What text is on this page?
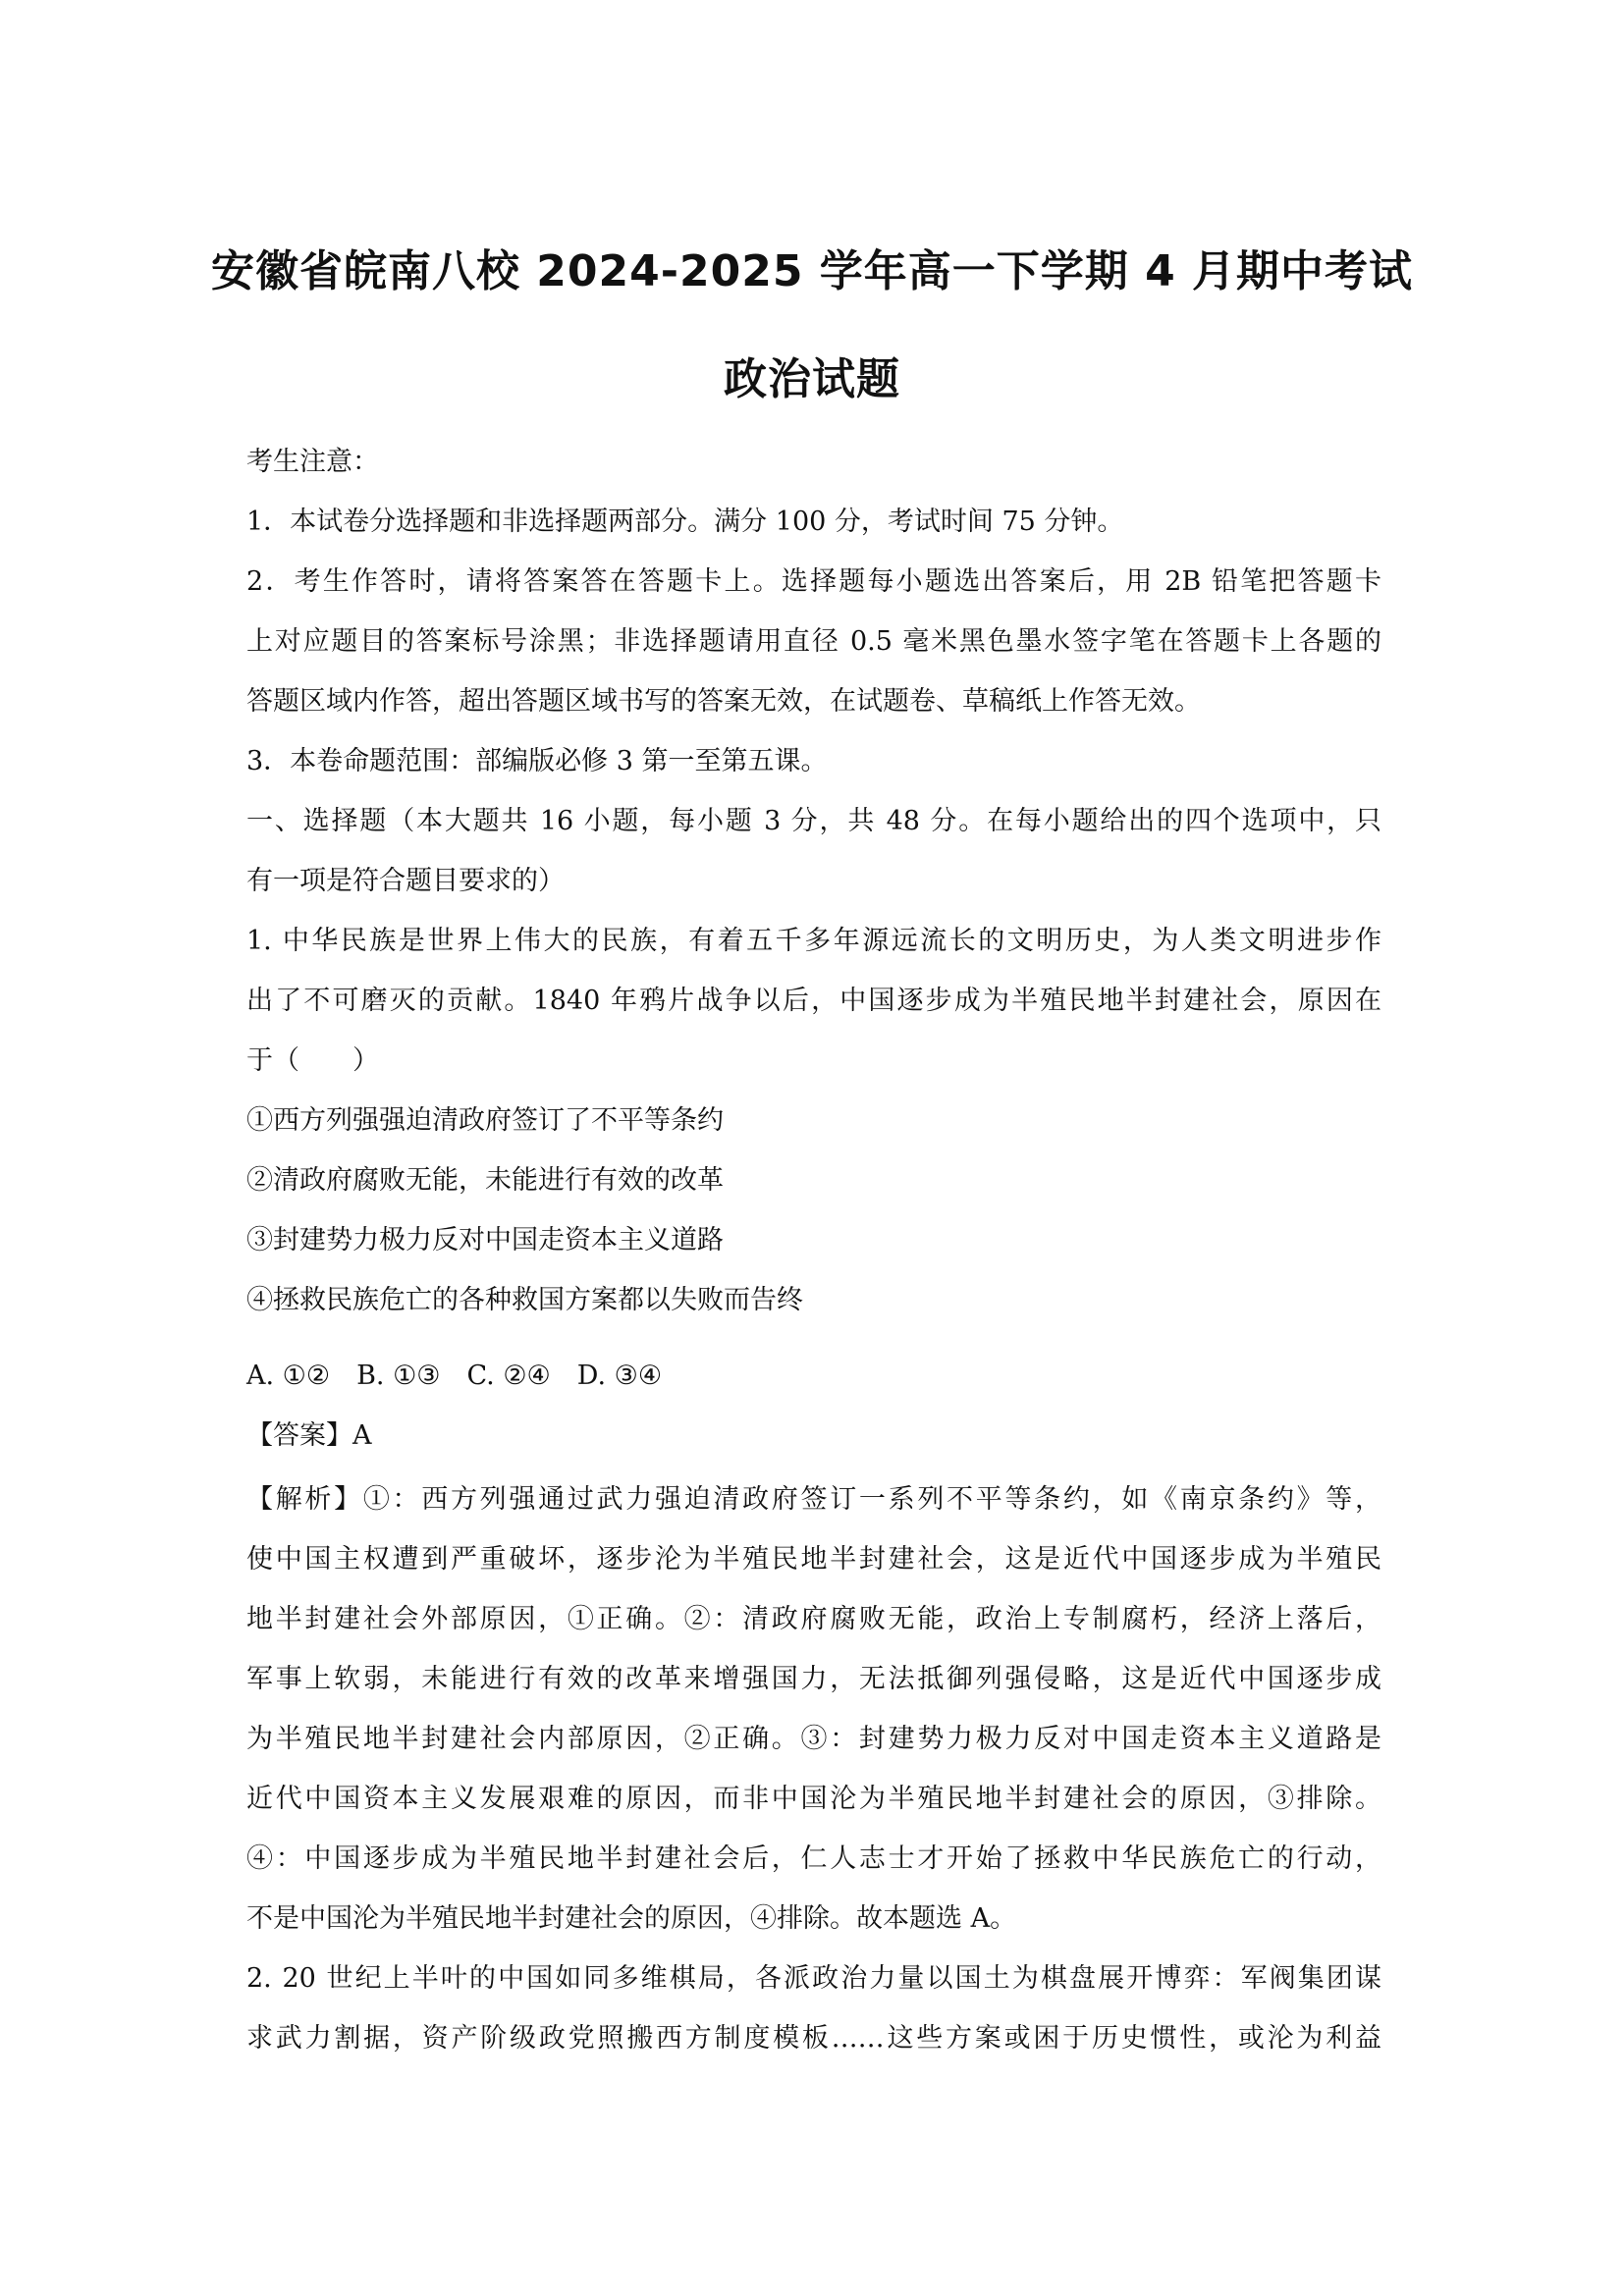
安徽省皖南八校 2024-2025 学年高一下学期 4 月期中考试
政治试题
考生注意：
1．本试卷分选择题和非选择题两部分。满分 100 分，考试时间 75 分钟。
2．考生作答时，请将答案答在答题卡上。选择题每小题选出答案后，用 2B 铅笔把答题卡
上对应题目的答案标号涂黑；非选择题请用直径 0.5 毫米黑色墨水签字笔在答题卡上各题的
答题区域内作答，超出答题区域书写的答案无效，在试题卷、草稿纸上作答无效。
3．本卷命题范围：部编版必修 3 第一至第五课。
一、选择题（本大题共 16 小题，每小题 3 分，共 48 分。在每小题给出的四个选项中，只
有一项是符合题目要求的）
1. 中华民族是世界上伟大的民族，有着五千多年源远流长的文明历史，为人类文明进步作
出了不可磨灭的贡献。1840 年鸦片战争以后，中国逐步成为半殖民地半封建社会，原因在
于（　　）
①西方列强强迫清政府签订了不平等条约
②清政府腐败无能，未能进行有效的改革
③封建势力极力反对中国走资本主义道路
④拯救民族危亡的各种救国方案都以失败而告终
A. ①②　B. ①③　C. ②④　D. ③④
【答案】A
【解析】①：西方列强通过武力强迫清政府签订一系列不平等条约，如《南京条约》等，
使中国主权遭到严重破坏，逐步沦为半殖民地半封建社会，这是近代中国逐步成为半殖民
地半封建社会外部原因，①正确。②：清政府腐败无能，政治上专制腐朽，经济上落后，
军事上软弱，未能进行有效的改革来增强国力，无法抵御列强侵略，这是近代中国逐步成
为半殖民地半封建社会内部原因，②正确。③：封建势力极力反对中国走资本主义道路是
近代中国资本主义发展艰难的原因，而非中国沦为半殖民地半封建社会的原因，③排除。
④：中国逐步成为半殖民地半封建社会后，仁人志士才开始了拯救中华民族危亡的行动，
不是中国沦为半殖民地半封建社会的原因，④排除。故本题选 A。
2. 20 世纪上半叶的中国如同多维棋局，各派政治力量以国土为棋盘展开博弈：军阀集团谋
求武力割据，资产阶级政党照搬西方制度模板……这些方案或困于历史惯性，或沦为利益
